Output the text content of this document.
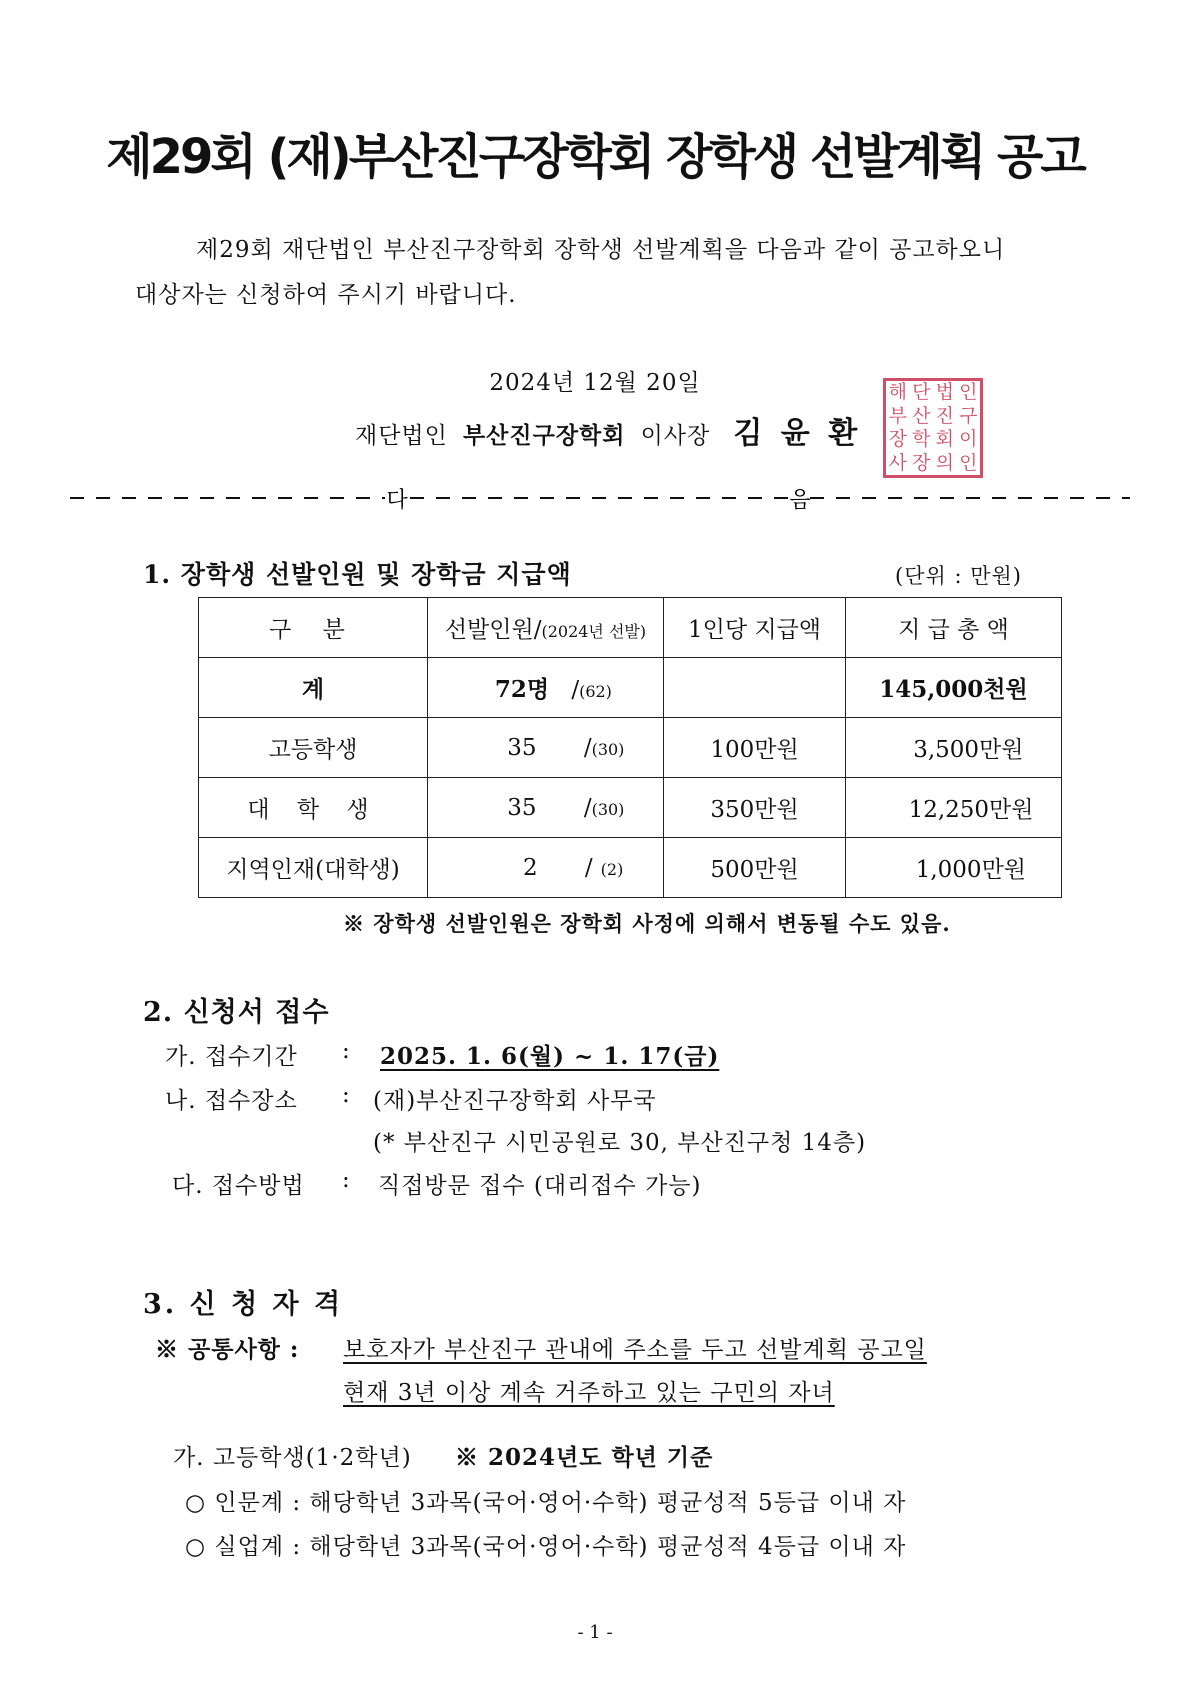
제29회 (재)부산진구장학회 장학생 선발계획 공고
제29회 재단법인 부산진구장학회 장학생 선발계획을 다음과 같이 공고하오니
대상자는 신청하여 주시기 바랍니다.
2024년 12월 20일
재단법인 부산진구장학회 이사장 김 윤 환
해 단 법 인
부 산 진 구
장 학 회 이
사 장 의 인
다	음
1. 장학생 선발인원 및 장학금 지급액	(단위 : 만원)
구 분	선발인원/(2024년 선발)	1인당 지급액	지 급 총 액
계	72명 /(62)		145,000천원
고등학생	35 /(30)	100만원	3,500만원
대 학 생	35 /(30)	350만원	12,250만원
지역인재(대학생)	2 / (2)	500만원	1,000만원
※ 장학생 선발인원은 장학회 사정에 의해서 변동될 수도 있음.
2. 신청서 접수
가. 접수기간 : 2025. 1. 6(월) ~ 1. 17(금)
나. 접수장소 : (재)부산진구장학회 사무국
(* 부산진구 시민공원로 30, 부산진구청 14층)
다. 접수방법 : 직접방문 접수 (대리접수 가능)
3. 신 청 자 격
※ 공통사항 : 보호자가 부산진구 관내에 주소를 두고 선발계획 공고일
현재 3년 이상 계속 거주하고 있는 구민의 자녀
가. 고등학생(1·2학년) ※ 2024년도 학년 기준
○ 인문계 : 해당학년 3과목(국어·영어·수학) 평균성적 5등급 이내 자
○ 실업계 : 해당학년 3과목(국어·영어·수학) 평균성적 4등급 이내 자
- 1 -
